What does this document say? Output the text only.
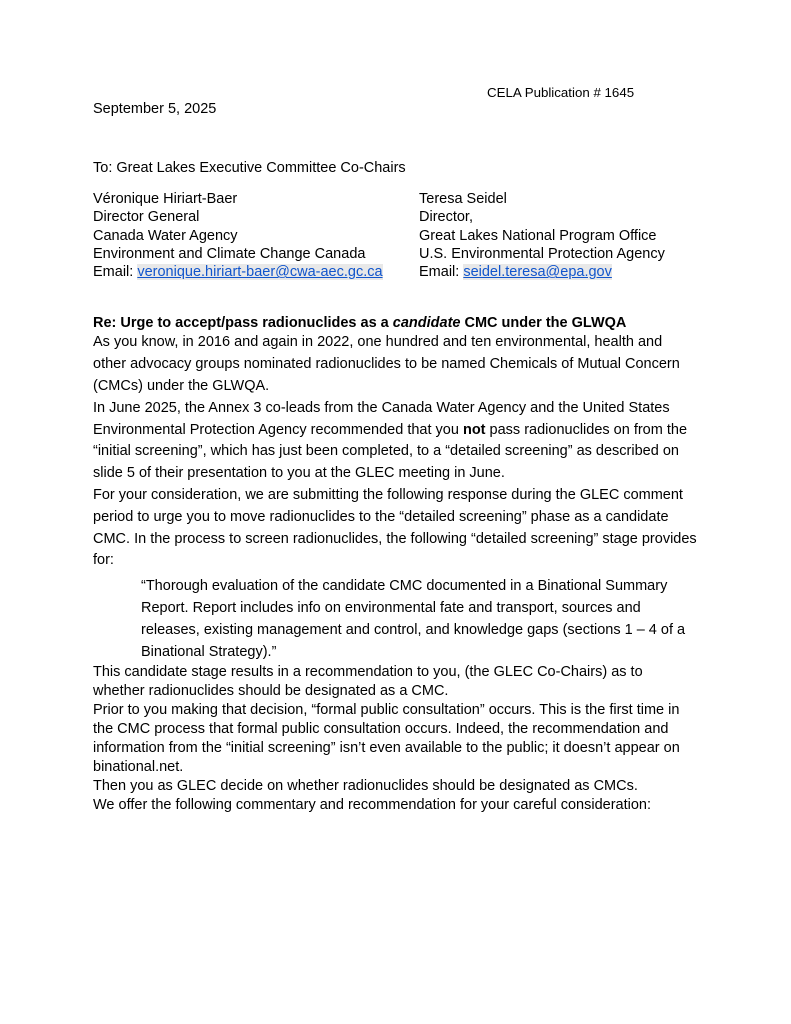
CELA Publication # 1645
September 5, 2025
To: Great Lakes Executive Committee Co-Chairs
Véronique Hiriart-Baer
Director General
Canada Water Agency
Environment and Climate Change Canada
Email: veronique.hiriart-baer@cwa-aec.gc.ca
Teresa Seidel
Director,
Great Lakes National Program Office
U.S. Environmental Protection Agency
Email: seidel.teresa@epa.gov
Re: Urge to accept/pass radionuclides as a candidate CMC under the GLWQA

As you know, in 2016 and again in 2022, one hundred and ten environmental, health and other advocacy groups nominated radionuclides to be named Chemicals of Mutual Concern (CMCs) under the GLWQA.

In June 2025, the Annex 3 co-leads from the Canada Water Agency and the United States Environmental Protection Agency recommended that you not pass radionuclides on from the “initial screening”, which has just been completed, to a “detailed screening” as described on slide 5 of their presentation to you at the GLEC meeting in June.

For your consideration, we are submitting the following response during the GLEC comment period to urge you to move radionuclides to the “detailed screening” phase as a candidate CMC. In the process to screen radionuclides, the following “detailed screening” stage provides for:

“Thorough evaluation of the candidate CMC documented in a Binational Summary Report. Report includes info on environmental fate and transport, sources and releases, existing management and control, and knowledge gaps (sections 1 – 4 of a Binational Strategy).”

This candidate stage results in a recommendation to you, (the GLEC Co-Chairs) as to whether radionuclides should be designated as a CMC.

Prior to you making that decision, “formal public consultation” occurs. This is the first time in the CMC process that formal public consultation occurs. Indeed, the recommendation and information from the “initial screening” isn’t even available to the public; it doesn’t appear on binational.net.

Then you as GLEC decide on whether radionuclides should be designated as CMCs.

We offer the following commentary and recommendation for your careful consideration:
